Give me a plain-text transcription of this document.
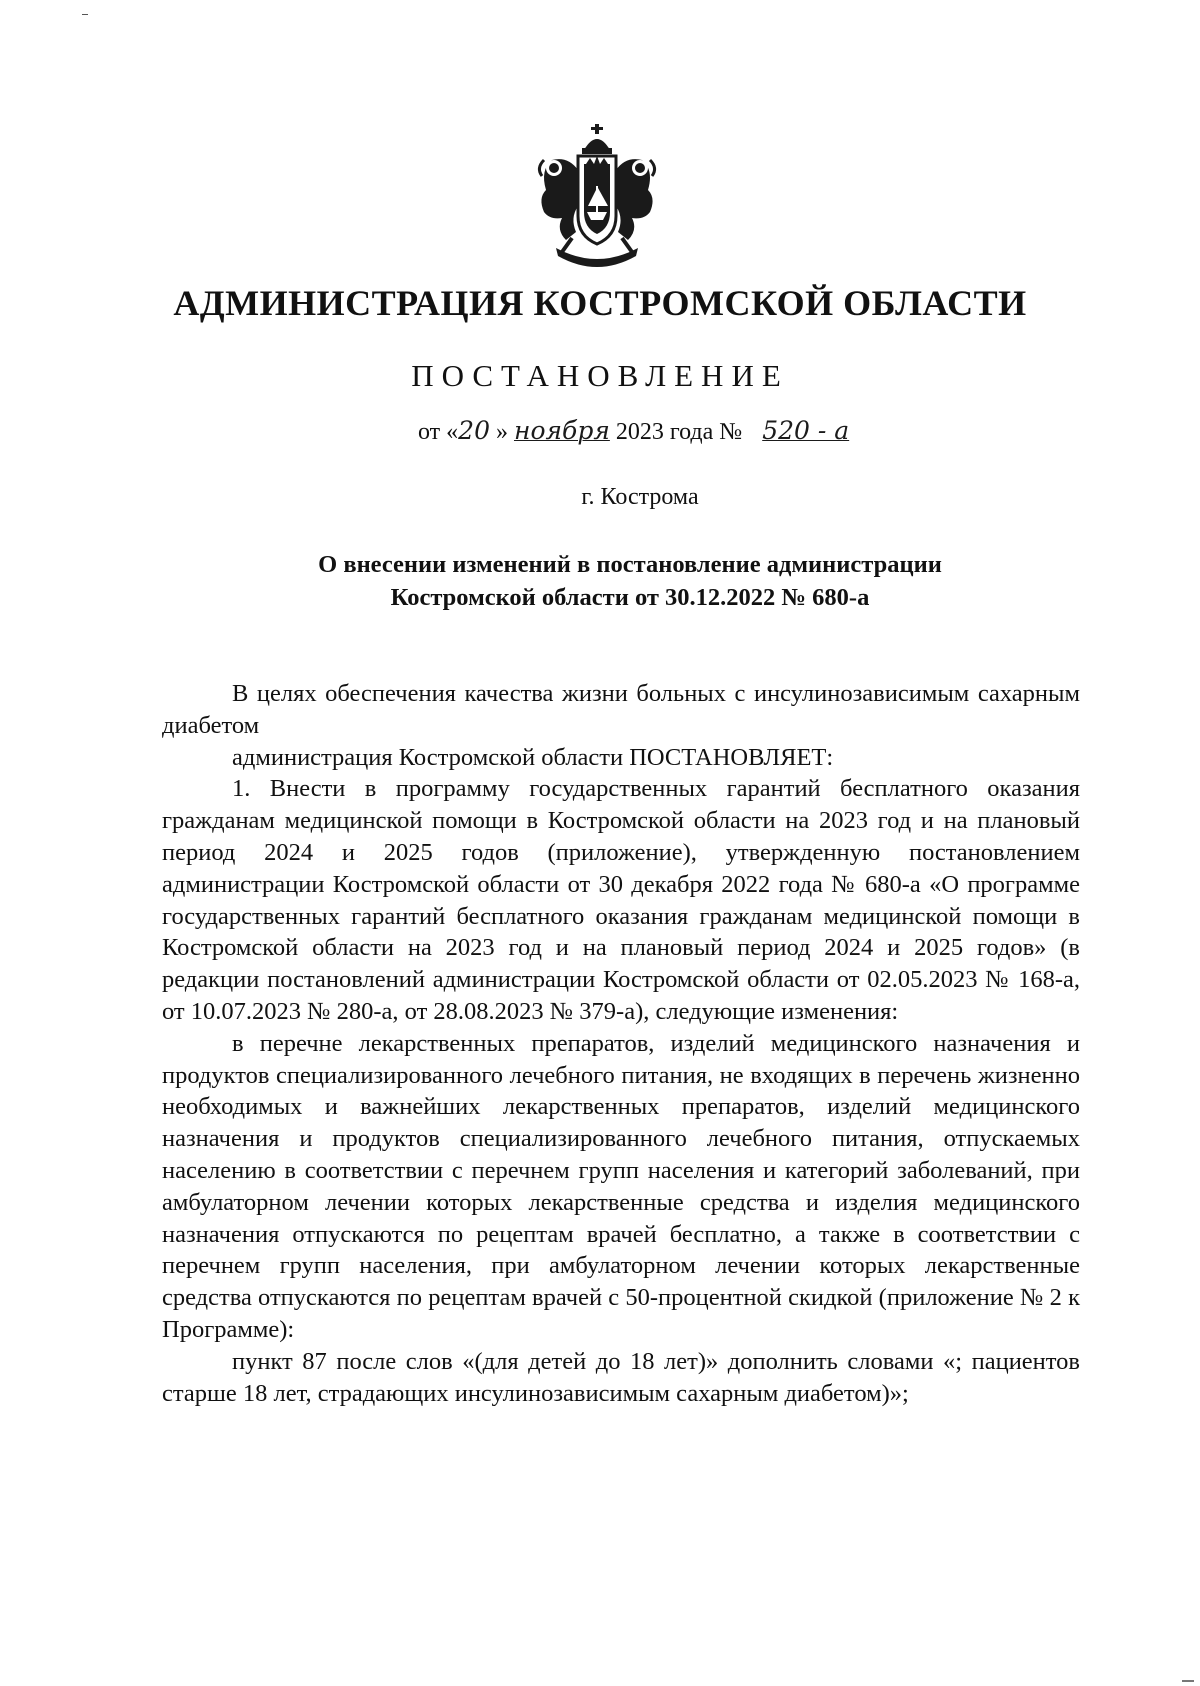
АДМИНИСТРАЦИЯ КОСТРОМСКОЙ ОБЛАСТИ
ПОСТАНОВЛЕНИЕ
от «20 » ноября 2023 года № 520 - а
г. Кострома
О внесении изменений в постановление администрации
Костромской области от 30.12.2022 № 680-а

В целях обеспечения качества жизни больных с инсулинозависимым сахарным диабетом

администрация Костромской области ПОСТАНОВЛЯЕТ:

1. Внести в программу государственных гарантий бесплатного оказания гражданам медицинской помощи в Костромской области на 2023 год и на плановый период 2024 и 2025 годов (приложение), утвержденную постановлением администрации Костромской области от 30 декабря 2022 года № 680-а «О программе государственных гарантий бесплатного оказания гражданам медицинской помощи в Костромской области на 2023 год и на плановый период 2024 и 2025 годов» (в редакции постановлений администрации Костромской области от 02.05.2023 № 168-а, от 10.07.2023 № 280-а, от 28.08.2023 № 379-а), следующие изменения:

в перечне лекарственных препаратов, изделий медицинского назначения и продуктов специализированного лечебного питания, не входящих в перечень жизненно необходимых и важнейших лекарственных препаратов, изделий медицинского назначения и продуктов специализированного лечебного питания, отпускаемых населению в соответствии с перечнем групп населения и категорий заболеваний, при амбулаторном лечении которых лекарственные средства и изделия медицинского назначения отпускаются по рецептам врачей бесплатно, а также в соответствии с перечнем групп населения, при амбулаторном лечении которых лекарственные средства отпускаются по рецептам врачей с 50-процентной скидкой (приложение № 2 к Программе):

пункт 87 после слов «(для детей до 18 лет)» дополнить словами «; пациентов старше 18 лет, страдающих инсулинозависимым сахарным диабетом)»;
